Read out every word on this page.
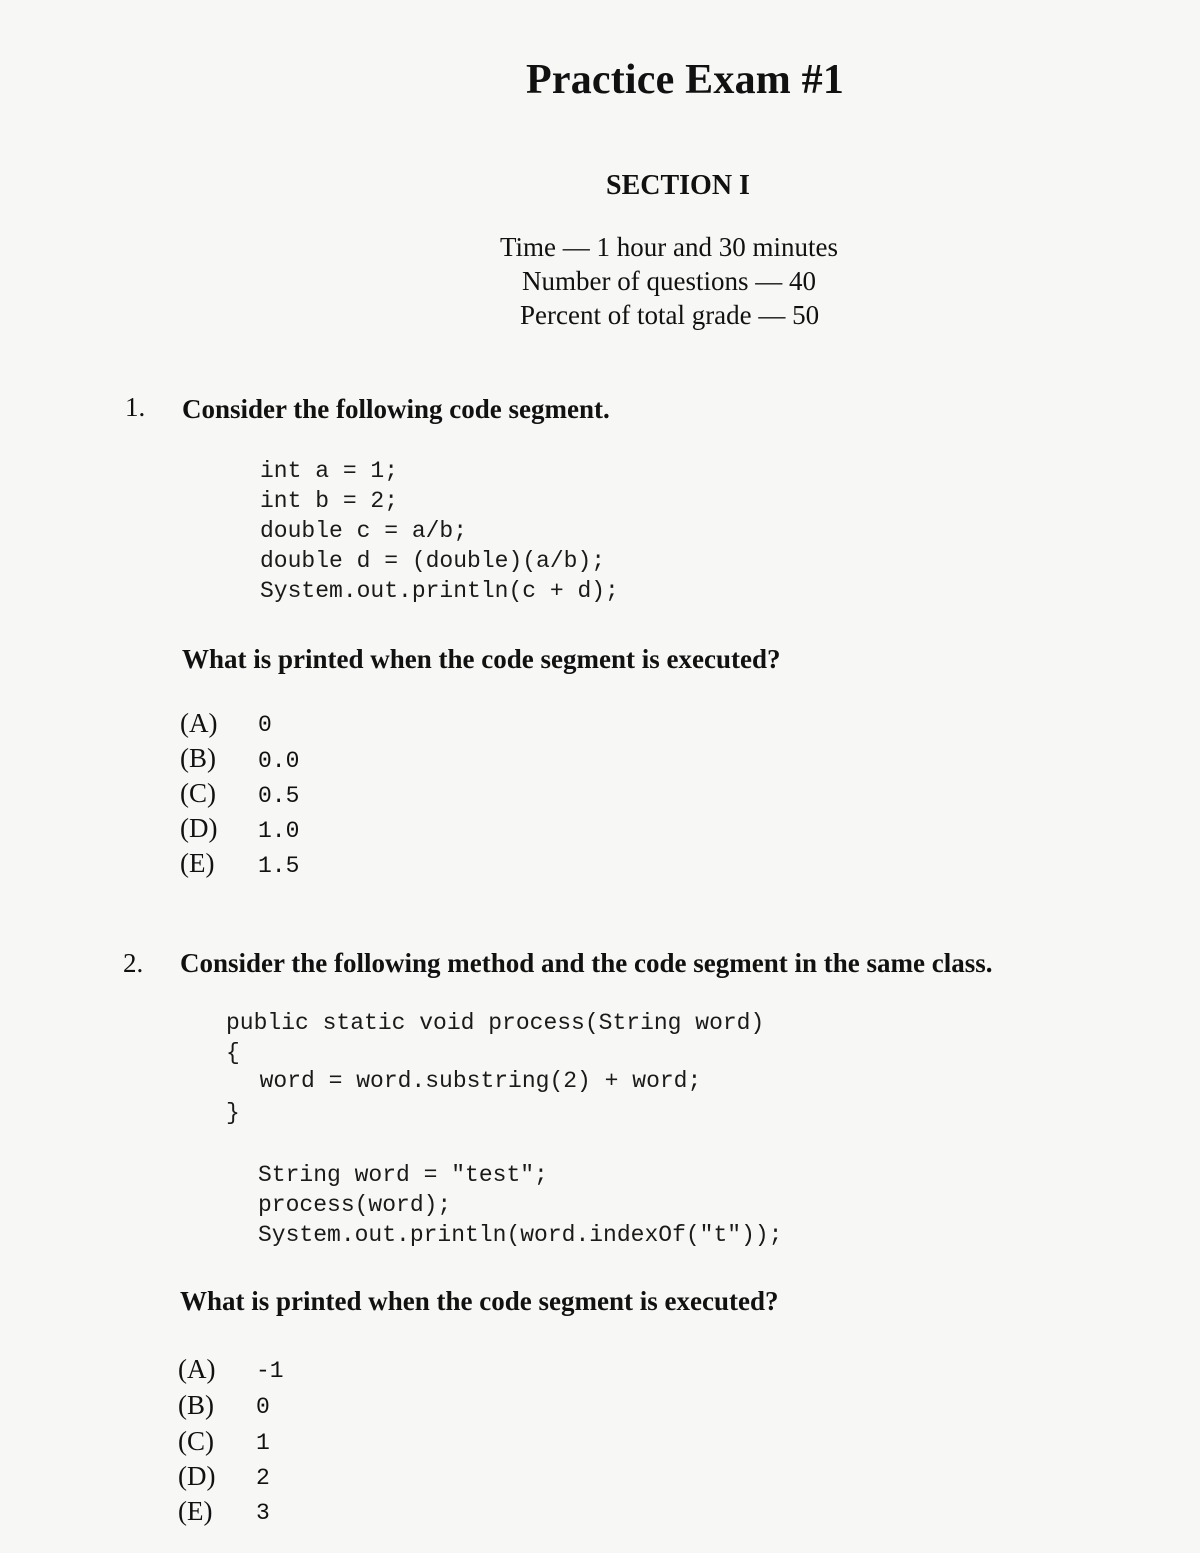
Practice Exam #1
SECTION I
Time — 1 hour and 30 minutes
Number of questions — 40
Percent of total grade — 50
1. Consider the following code segment.
int a = 1;
int b = 2;
double c = a/b;
double d = (double)(a/b);
System.out.println(c + d);
What is printed when the code segment is executed?
(A) 0
(B) 0.0
(C) 0.5
(D) 1.0
(E) 1.5
2. Consider the following method and the code segment in the same class.
public static void process(String word)
{
word = word.substring(2) + word;
}
String word = "test";
process(word);
System.out.println(word.indexOf("t"));
What is printed when the code segment is executed?
(A) -1
(B) 0
(C) 1
(D) 2
(E) 3
